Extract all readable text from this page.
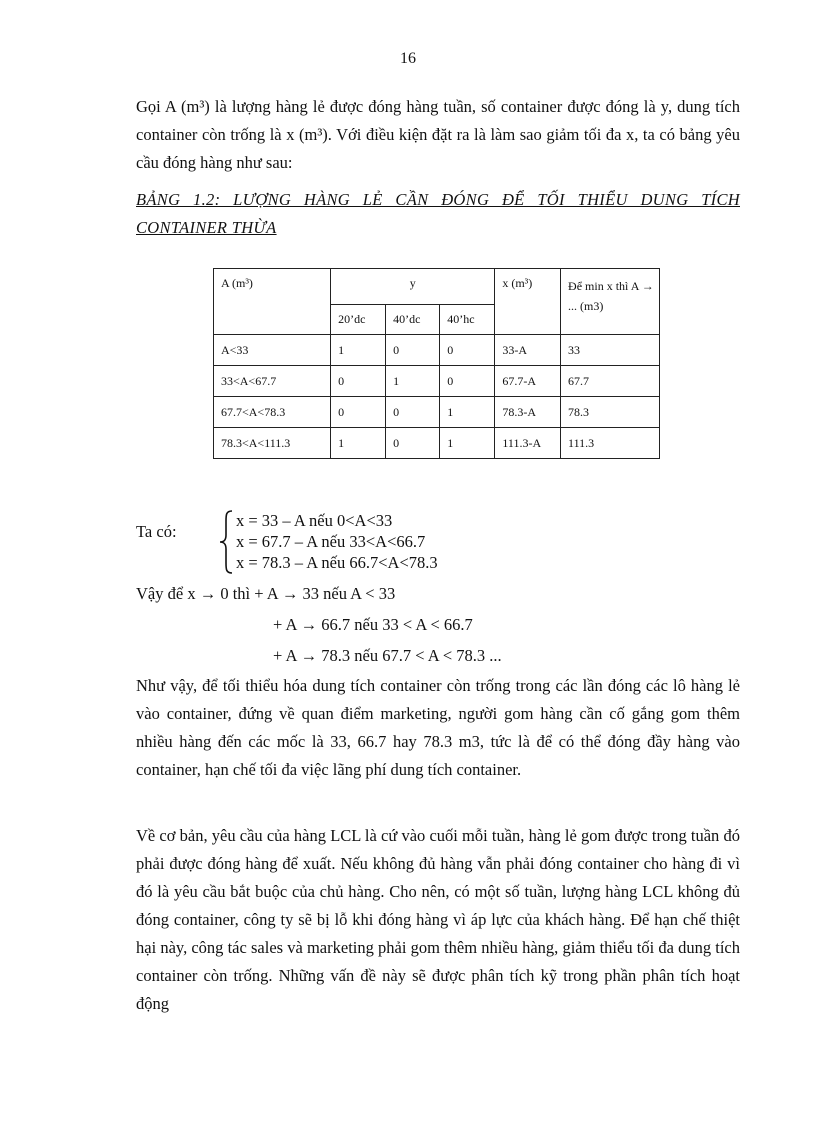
16

Gọi A (m³) là lượng hàng lẻ được đóng hàng tuần, số container được đóng là y, dung tích container còn trống là x (m³). Với điều kiện đặt ra là làm sao giảm tối đa x, ta có bảng yêu cầu đóng hàng như sau:

BẢNG 1.2: LƯỢNG HÀNG LẺ CẦN ĐÓNG ĐỂ TỐI THIỂU DUNG TÍCH CONTAINER THỪA
A (m³)	y			x (m³)	Để min x thì A → ... (m3)
	20’dc	40’dc	40’hc		
A<33	1	0	0	33-A	33
33<A<67.7	0	1	0	67.7-A	67.7
67.7<A<78.3	0	0	1	78.3-A	78.3
78.3<A<111.3	1	0	1	111.3-A	111.3
Ta có:
x = 33 – A nếu 0<A<33
x = 67.7 – A nếu 33<A<66.7
x = 78.3 – A nếu 66.7<A<78.3
Vậy để x → 0 thì + A → 33 nếu A < 33
+ A → 66.7 nếu 33 < A < 66.7
+ A → 78.3 nếu 67.7 < A < 78.3 ...

Như vậy, để tối thiểu hóa dung tích container còn trống trong các lần đóng các lô hàng lẻ vào container, đứng về quan điểm marketing, người gom hàng cần cố gắng gom thêm nhiều hàng đến các mốc là 33, 66.7 hay 78.3 m3, tức là để có thể đóng đầy hàng vào container, hạn chế tối đa việc lãng phí dung tích container.

Về cơ bản, yêu cầu của hàng LCL là cứ vào cuối mỗi tuần, hàng lẻ gom được trong tuần đó phải được đóng hàng để xuất. Nếu không đủ hàng vẫn phải đóng container cho hàng đi vì đó là yêu cầu bắt buộc của chủ hàng. Cho nên, có một số tuần, lượng hàng LCL không đủ đóng container, công ty sẽ bị lỗ khi đóng hàng vì áp lực của khách hàng. Để hạn chế thiệt hại này, công tác sales và marketing phải gom thêm nhiều hàng, giảm thiểu tối đa dung tích container còn trống. Những vấn đề này sẽ được phân tích kỹ trong phần phân tích hoạt động
